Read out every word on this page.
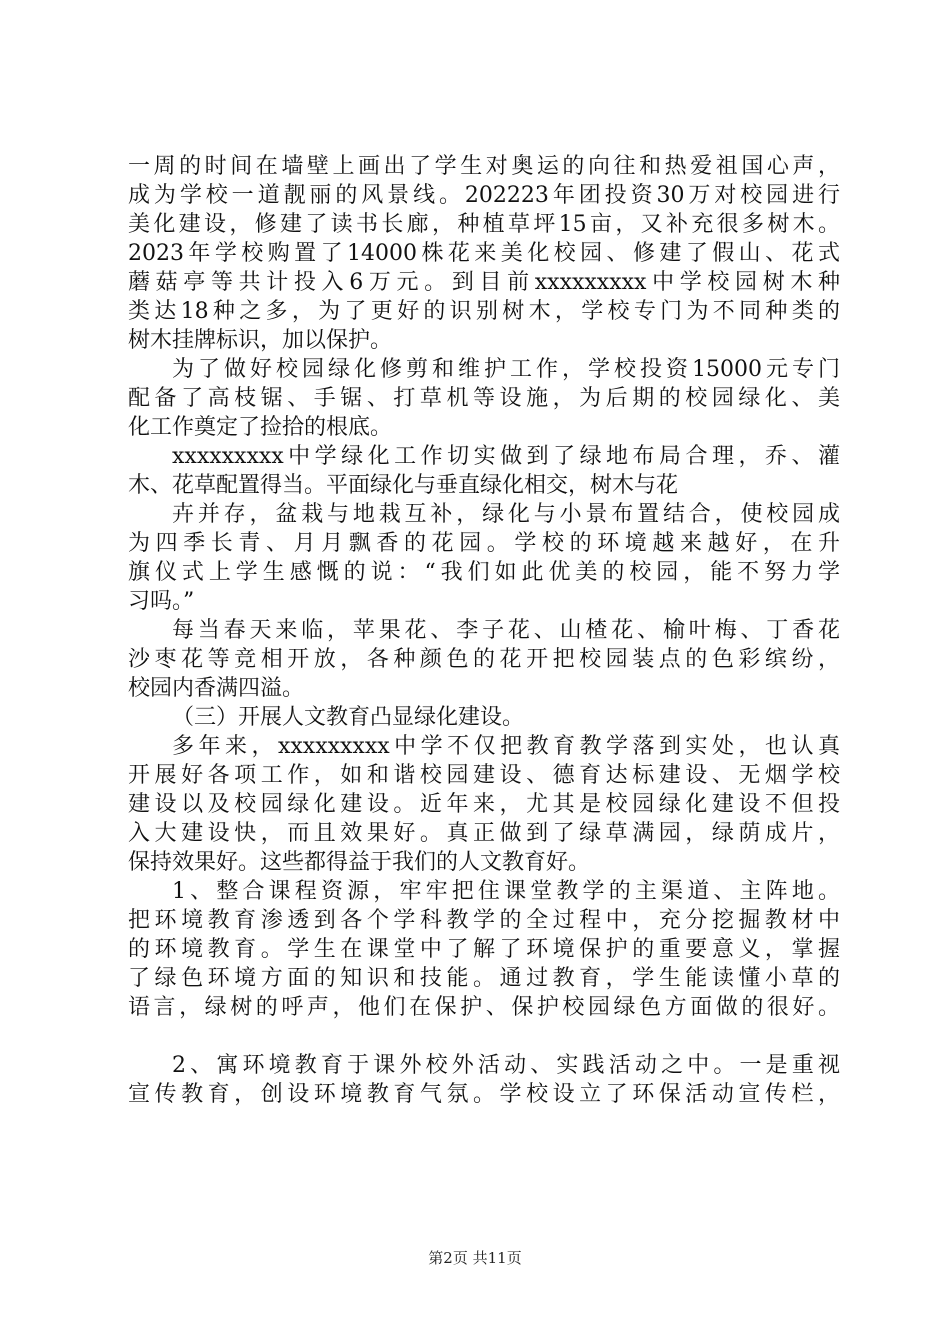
一周的时间在墙壁上画出了学生对奥运的向往和热爱祖国心声，
成为学校一道靓丽的风景线。202223年团投资30万对校园进行
美化建设，修建了读书长廊，种植草坪15亩，又补充很多树木。
2023年学校购置了14000株花来美化校园、修建了假山、花式
蘑菇亭等共计投入6万元。到目前xxxxxxxxx中学校园树木种
类达18种之多，为了更好的识别树木，学校专门为不同种类的
树木挂牌标识，加以保护。
为了做好校园绿化修剪和维护工作，学校投资15000元专门
配备了高枝锯、手锯、打草机等设施，为后期的校园绿化、美
化工作奠定了捡拾的根底。
xxxxxxxxx中学绿化工作切实做到了绿地布局合理，乔、灌
木、花草配置得当。平面绿化与垂直绿化相交，树木与花
卉并存，盆栽与地栽互补，绿化与小景布置结合，使校园成
为四季长青、月月飘香的花园。学校的环境越来越好，在升
旗仪式上学生感慨的说：“我们如此优美的校园，能不努力学
习吗。”
每当春天来临，苹果花、李子花、山楂花、榆叶梅、丁香花
沙枣花等竞相开放，各种颜色的花开把校园装点的色彩缤纷，
校园内香满四溢。
（三）开展人文教育凸显绿化建设。
多年来，xxxxxxxxx中学不仅把教育教学落到实处，也认真
开展好各项工作，如和谐校园建设、德育达标建设、无烟学校
建设以及校园绿化建设。近年来，尤其是校园绿化建设不但投
入大建设快，而且效果好。真正做到了绿草满园，绿荫成片，
保持效果好。这些都得益于我们的人文教育好。
1、整合课程资源，牢牢把住课堂教学的主渠道、主阵地。
把环境教育渗透到各个学科教学的全过程中，充分挖掘教材中
的环境教育。学生在课堂中了解了环境保护的重要意义，掌握
了绿色环境方面的知识和技能。通过教育，学生能读懂小草的
语言，绿树的呼声，他们在保护、保护校园绿色方面做的很好。
2、寓环境教育于课外校外活动、实践活动之中。一是重视
宣传教育，创设环境教育气氛。学校设立了环保活动宣传栏，
第2页 共11页
